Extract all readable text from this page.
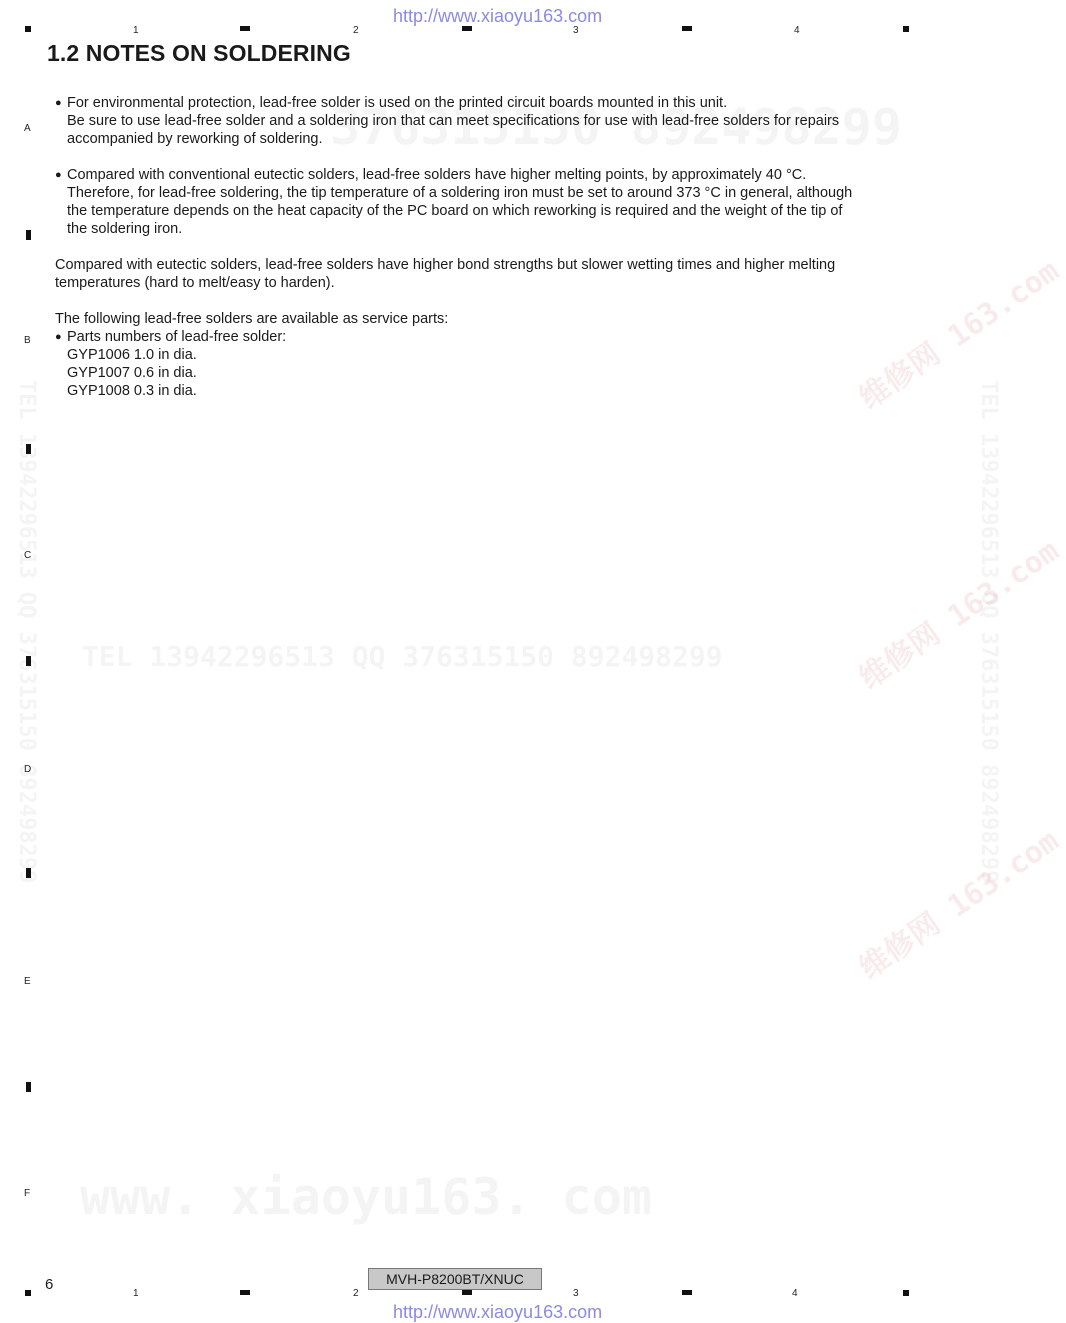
维修网 163.com
维修网 163.com
维修网 163.com
http://www.xiaoyu163.com
1	2	3	4
A
B
C
D
E
F
1.2 NOTES ON SOLDERING
● For environmental protection, lead-free solder is used on the printed circuit boards mounted in this unit.
Be sure to use lead-free solder and a soldering iron that can meet specifications for use with lead-free solders for repairs
accompanied by reworking of soldering.
● Compared with conventional eutectic solders, lead-free solders have higher melting points, by approximately 40 °C.
Therefore, for lead-free soldering, the tip temperature of a soldering iron must be set to around 373 °C in general, although
the temperature depends on the heat capacity of the PC board on which reworking is required and the weight of the tip of
the soldering iron.
Compared with eutectic solders, lead-free solders have higher bond strengths but slower wetting times and higher melting
temperatures (hard to melt/easy to harden).
The following lead-free solders are available as service parts:
● Parts numbers of lead-free solder:
GYP1006 1.0 in dia.
GYP1007 0.6 in dia.
GYP1008 0.3 in dia.
6	MVH-P8200BT/XNUC
1	2	3	4
http://www.xiaoyu163.com
